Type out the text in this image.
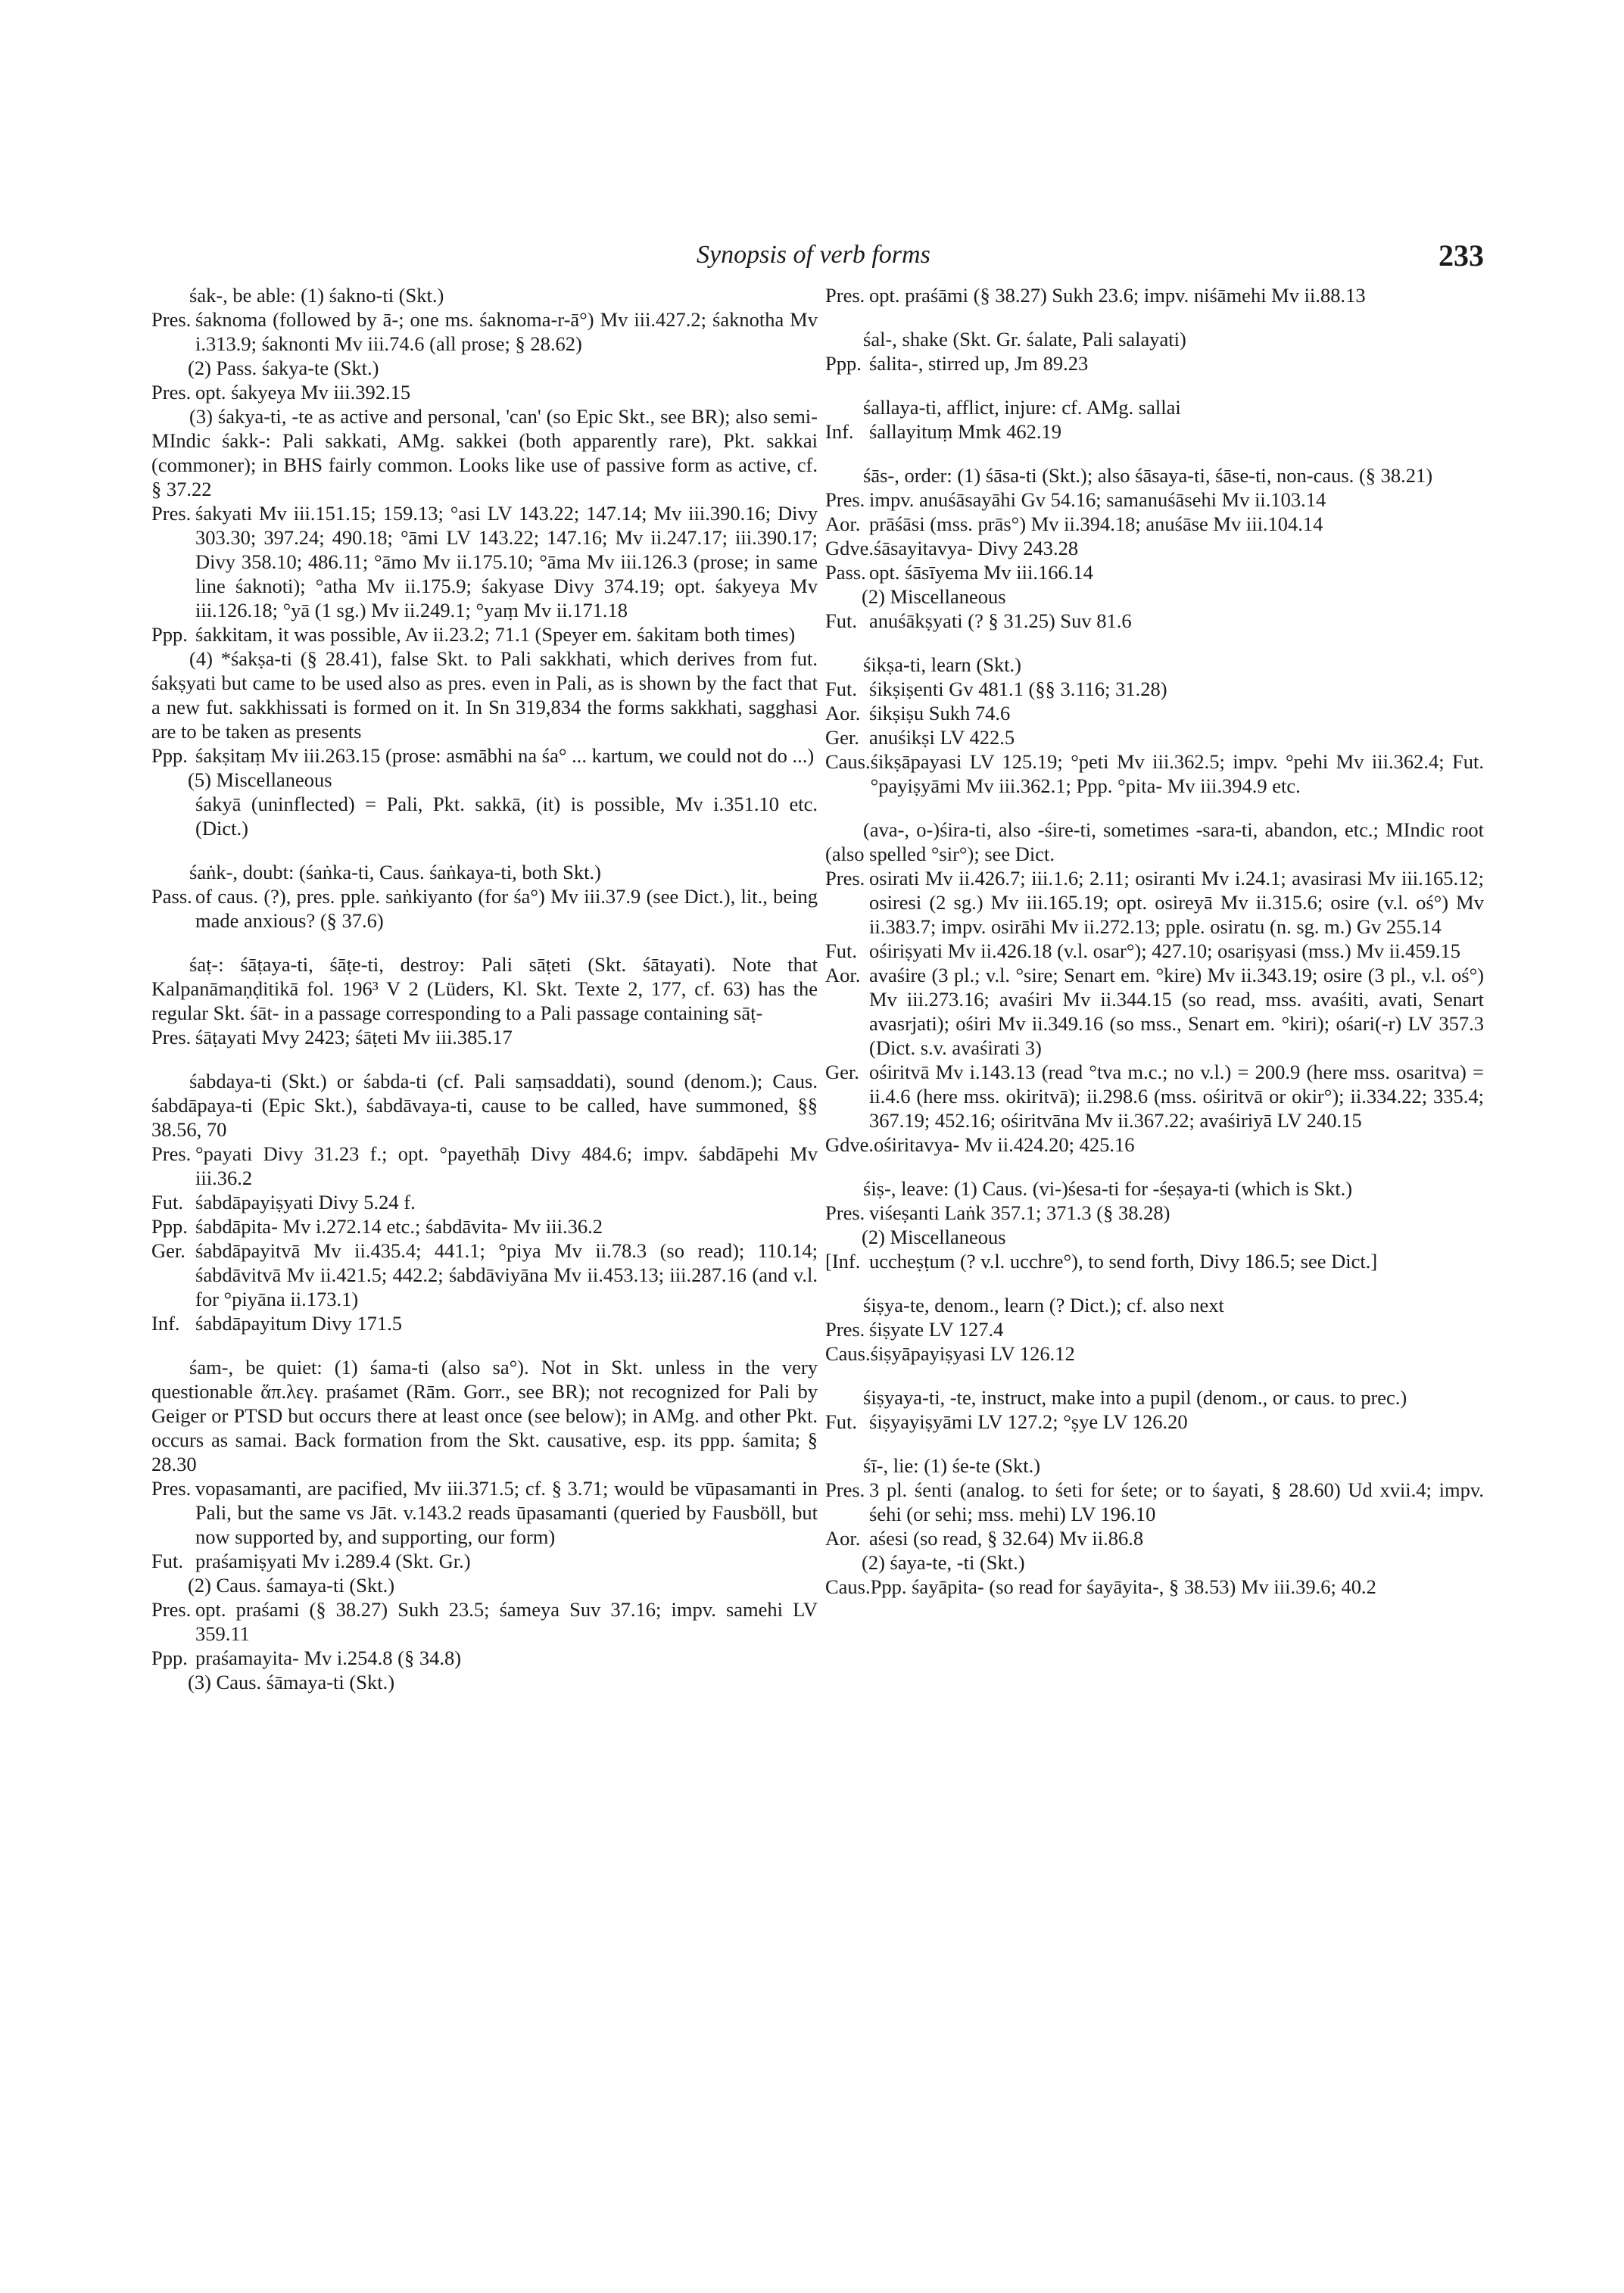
Synopsis of verb forms	233

śak-, be able: (1) śakno-ti (Skt.)

Pres. śaknoma (followed by ā-; one ms. śaknoma-r-ā°) Mv iii.427.2; śaknotha Mv i.313.9; śaknonti Mv iii.74.6 (all prose; § 28.62)

(2) Pass. śakya-te (Skt.)

Pres. opt. śakyeya Mv iii.392.15

(3) śakya-ti, -te as active and personal, 'can' (so Epic Skt., see BR); also semi-MIndic śakk-: Pali sakkati, AMg. sakkei (both apparently rare), Pkt. sakkai (commoner); in BHS fairly common. Looks like use of passive form as active, cf. § 37.22

Pres. śakyati Mv iii.151.15; 159.13; °asi LV 143.22; 147.14; Mv iii.390.16; Divy 303.30; 397.24; 490.18; °āmi LV 143.22; 147.16; Mv ii.247.17; iii.390.17; Divy 358.10; 486.11; °āmo Mv ii.175.10; °āma Mv iii.126.3 (prose; in same line śaknoti); °atha Mv ii.175.9; śakyase Divy 374.19; opt. śakyeya Mv iii.126.18; °yā (1 sg.) Mv ii.249.1; °yaṃ Mv ii.171.18
Ppp. śakkitam, it was possible, Av ii.23.2; 71.1 (Speyer em. śakitam both times)

(4) *śakṣa-ti (§ 28.41), false Skt. to Pali sakkhati, which derives from fut. śakṣyati but came to be used also as pres. even in Pali, as is shown by the fact that a new fut. sakkhissati is formed on it. In Sn 319,834 the forms sakkhati, sagghasi are to be taken as presents

Ppp. śakṣitaṃ Mv iii.263.15 (prose: asmābhi na śa° ... kartum, we could not do ...)

(5) Miscellaneous

śakyā (uninflected) = Pali, Pkt. sakkā, (it) is possible, Mv i.351.10 etc. (Dict.)

śaṅk-, doubt: (śaṅka-ti, Caus. śaṅkaya-ti, both Skt.)

Pass. of caus. (?), pres. pple. saṅkiyanto (for śa°) Mv iii.37.9 (see Dict.), lit., being made anxious? (§ 37.6)

śaṭ-: śāṭaya-ti, śāṭe-ti, destroy: Pali sāṭeti (Skt. śātayati). Note that Kalpanāmaṇḍitikā fol. 196³ V 2 (Lüders, Kl. Skt. Texte 2, 177, cf. 63) has the regular Skt. śāt- in a passage corresponding to a Pali passage containing sāṭ-

Pres. śāṭayati Mvy 2423; śāṭeti Mv iii.385.17

śabdaya-ti (Skt.) or śabda-ti (cf. Pali saṃsaddati), sound (denom.); Caus. śabdāpaya-ti (Epic Skt.), śabdāvaya-ti, cause to be called, have summoned, §§ 38.56, 70

Pres. °payati Divy 31.23 f.; opt. °payethāḥ Divy 484.6; impv. śabdāpehi Mv iii.36.2
Fut. śabdāpayiṣyati Divy 5.24 f.
Ppp. śabdāpita- Mv i.272.14 etc.; śabdāvita- Mv iii.36.2
Ger. śabdāpayitvā Mv ii.435.4; 441.1; °piya Mv ii.78.3 (so read); 110.14; śabdāvitvā Mv ii.421.5; 442.2; śabdāviyāna Mv ii.453.13; iii.287.16 (and v.l. for °piyāna ii.173.1)
Inf. śabdāpayitum Divy 171.5

śam-, be quiet: (1) śama-ti (also sa°). Not in Skt. unless in the very questionable ἅπ.λεγ. praśamet (Rām. Gorr., see BR); not recognized for Pali by Geiger or PTSD but occurs there at least once (see below); in AMg. and other Pkt. occurs as samai. Back formation from the Skt. causative, esp. its ppp. śamita; § 28.30

Pres. vopasamanti, are pacified, Mv iii.371.5; cf. § 3.71; would be vūpasamanti in Pali, but the same vs Jāt. v.143.2 reads ūpasamanti (queried by Fausböll, but now supported by, and supporting, our form)
Fut. praśamiṣyati Mv i.289.4 (Skt. Gr.)

(2) Caus. śamaya-ti (Skt.)

Pres. opt. praśami (§ 38.27) Sukh 23.5; śameya Suv 37.16; impv. samehi LV 359.11
Ppp. praśamayita- Mv i.254.8 (§ 34.8)

(3) Caus. śāmaya-ti (Skt.)

Pres. opt. praśāmi (§ 38.27) Sukh 23.6; impv. niśāmehi Mv ii.88.13

śal-, shake (Skt. Gr. śalate, Pali salayati)

Ppp. śalita-, stirred up, Jm 89.23

śallaya-ti, afflict, injure: cf. AMg. sallai

Inf. śallayituṃ Mmk 462.19

śās-, order: (1) śāsa-ti (Skt.); also śāsaya-ti, śāse-ti, non-caus. (§ 38.21)

Pres. impv. anuśāsayāhi Gv 54.16; samanuśāsehi Mv ii.103.14
Aor. prāśāsi (mss. prās°) Mv ii.394.18; anuśāse Mv iii.104.14
Gdve. śāsayitavya- Divy 243.28
Pass. opt. śāsīyema Mv iii.166.14

(2) Miscellaneous

Fut. anuśākṣyati (? § 31.25) Suv 81.6

śikṣa-ti, learn (Skt.)

Fut. śikṣiṣenti Gv 481.1 (§§ 3.116; 31.28)
Aor. śikṣiṣu Sukh 74.6
Ger. anuśikṣi LV 422.5
Caus. śikṣāpayasi LV 125.19; °peti Mv iii.362.5; impv. °pehi Mv iii.362.4; Fut. °payiṣyāmi Mv iii.362.1; Ppp. °pita- Mv iii.394.9 etc.

(ava-, o-)śira-ti, also -śire-ti, sometimes -sara-ti, abandon, etc.; MIndic root (also spelled °sir°); see Dict.

Pres. osirati Mv ii.426.7; iii.1.6; 2.11; osiranti Mv i.24.1; avasirasi Mv iii.165.12; osiresi (2 sg.) Mv iii.165.19; opt. osireyā Mv ii.315.6; osire (v.l. oś°) Mv ii.383.7; impv. osirāhi Mv ii.272.13; pple. osiratu (n. sg. m.) Gv 255.14
Fut. ośiriṣyati Mv ii.426.18 (v.l. osar°); 427.10; osariṣyasi (mss.) Mv ii.459.15
Aor. avaśire (3 pl.; v.l. °sire; Senart em. °kire) Mv ii.343.19; osire (3 pl., v.l. oś°) Mv iii.273.16; avaśiri Mv ii.344.15 (so read, mss. avaśiti, avati, Senart avasrjati); ośiri Mv ii.349.16 (so mss., Senart em. °kiri); ośari(-r) LV 357.3 (Dict. s.v. avaśirati 3)
Ger. ośiritvā Mv i.143.13 (read °tva m.c.; no v.l.) = 200.9 (here mss. osaritva) = ii.4.6 (here mss. okiritvā); ii.298.6 (mss. ośiritvā or okir°); ii.334.22; 335.4; 367.19; 452.16; ośiritvāna Mv ii.367.22; avaśiriyā LV 240.15
Gdve. ośiritavya- Mv ii.424.20; 425.16

śiṣ-, leave: (1) Caus. (vi-)śesa-ti for -śeṣaya-ti (which is Skt.)

Pres. viśeṣanti Laṅk 357.1; 371.3 (§ 38.28)

(2) Miscellaneous

[Inf. uccheṣṭum (? v.l. ucchre°), to send forth, Divy 186.5; see Dict.]

śiṣya-te, denom., learn (? Dict.); cf. also next

Pres. śiṣyate LV 127.4
Caus. śiṣyāpayiṣyasi LV 126.12

śiṣyaya-ti, -te, instruct, make into a pupil (denom., or caus. to prec.)

Fut. śiṣyayiṣyāmi LV 127.2; °ṣye LV 126.20

śī-, lie: (1) śe-te (Skt.)

Pres. 3 pl. śenti (analog. to śeti for śete; or to śayati, § 28.60) Ud xvii.4; impv. śehi (or sehi; mss. mehi) LV 196.10
Aor. aśesi (so read, § 32.64) Mv ii.86.8

(2) śaya-te, -ti (Skt.)

Caus. Ppp. śayāpita- (so read for śayāyita-, § 38.53) Mv iii.39.6; 40.2
